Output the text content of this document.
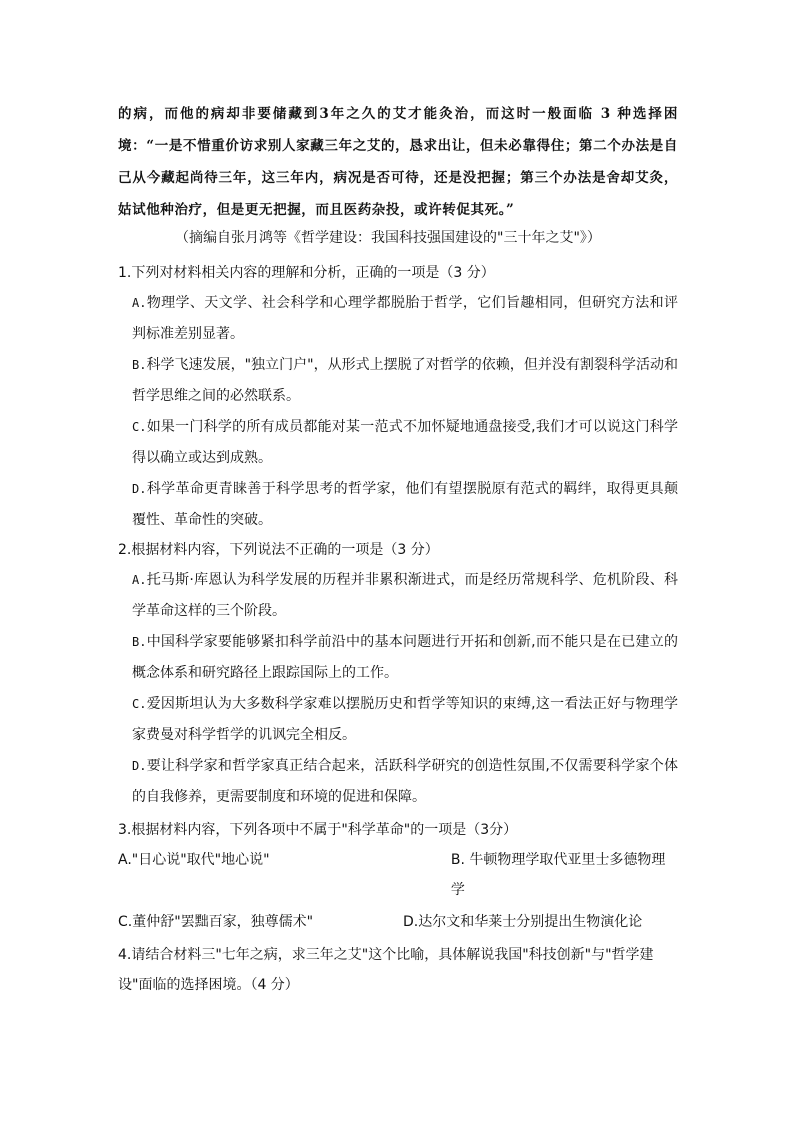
的病，而他的病却非要储藏到3年之久的艾才能灸治，而这时一般面临 3 种选择困境：“一是不惜重价访求别人家藏三年之艾的，恳求出让，但未必靠得住；第二个办法是自己从今藏起尚待三年，这三年内，病况是否可待，还是没把握；第三个办法是舍却艾灸，姑试他种治疗，但是更无把握，而且医药杂投，或许转促其死。”
（摘编自张月鸿等《哲学建设：我国科技强国建设的"三十年之艾"》）
1.下列对材料相关内容的理解和分析，正确的一项是（3 分）
A.物理学、天文学、社会科学和心理学都脱胎于哲学，它们旨趣相同，但研究方法和评判标准差别显著。
B.科学飞速发展，"独立门户"，从形式上摆脱了对哲学的依赖，但并没有割裂科学活动和哲学思维之间的必然联系。
C.如果一门科学的所有成员都能对某一范式不加怀疑地通盘接受,我们才可以说这门科学得以确立或达到成熟。
D.科学革命更青睐善于科学思考的哲学家，他们有望摆脱原有范式的羁绊，取得更具颠覆性、革命性的突破。
2.根据材料内容，下列说法不正确的一项是（3 分）
A.托马斯·库恩认为科学发展的历程并非累积渐进式，而是经历常规科学、危机阶段、科学革命这样的三个阶段。
B.中国科学家要能够紧扣科学前沿中的基本问题进行开拓和创新,而不能只是在已建立的概念体系和研究路径上跟踪国际上的工作。
C.爱因斯坦认为大多数科学家难以摆脱历史和哲学等知识的束缚,这一看法正好与物理学家费曼对科学哲学的讥讽完全相反。
D.要让科学家和哲学家真正结合起来，活跃科学研究的创造性氛围,不仅需要科学家个体的自我修养，更需要制度和环境的促进和保障。
3.根据材料内容，下列各项中不属于"科学革命"的一项是（3分）
A."日心说"取代"地心说"	B. 牛顿物理学取代亚里士多德物理学
C.董仲舒"罢黜百家，独尊儒术"	D.达尔文和华莱士分别提出生物演化论
4.请结合材料三"七年之病，求三年之艾"这个比喻，具体解说我国"科技创新"与"哲学建设"面临的选择困境。（4 分）
